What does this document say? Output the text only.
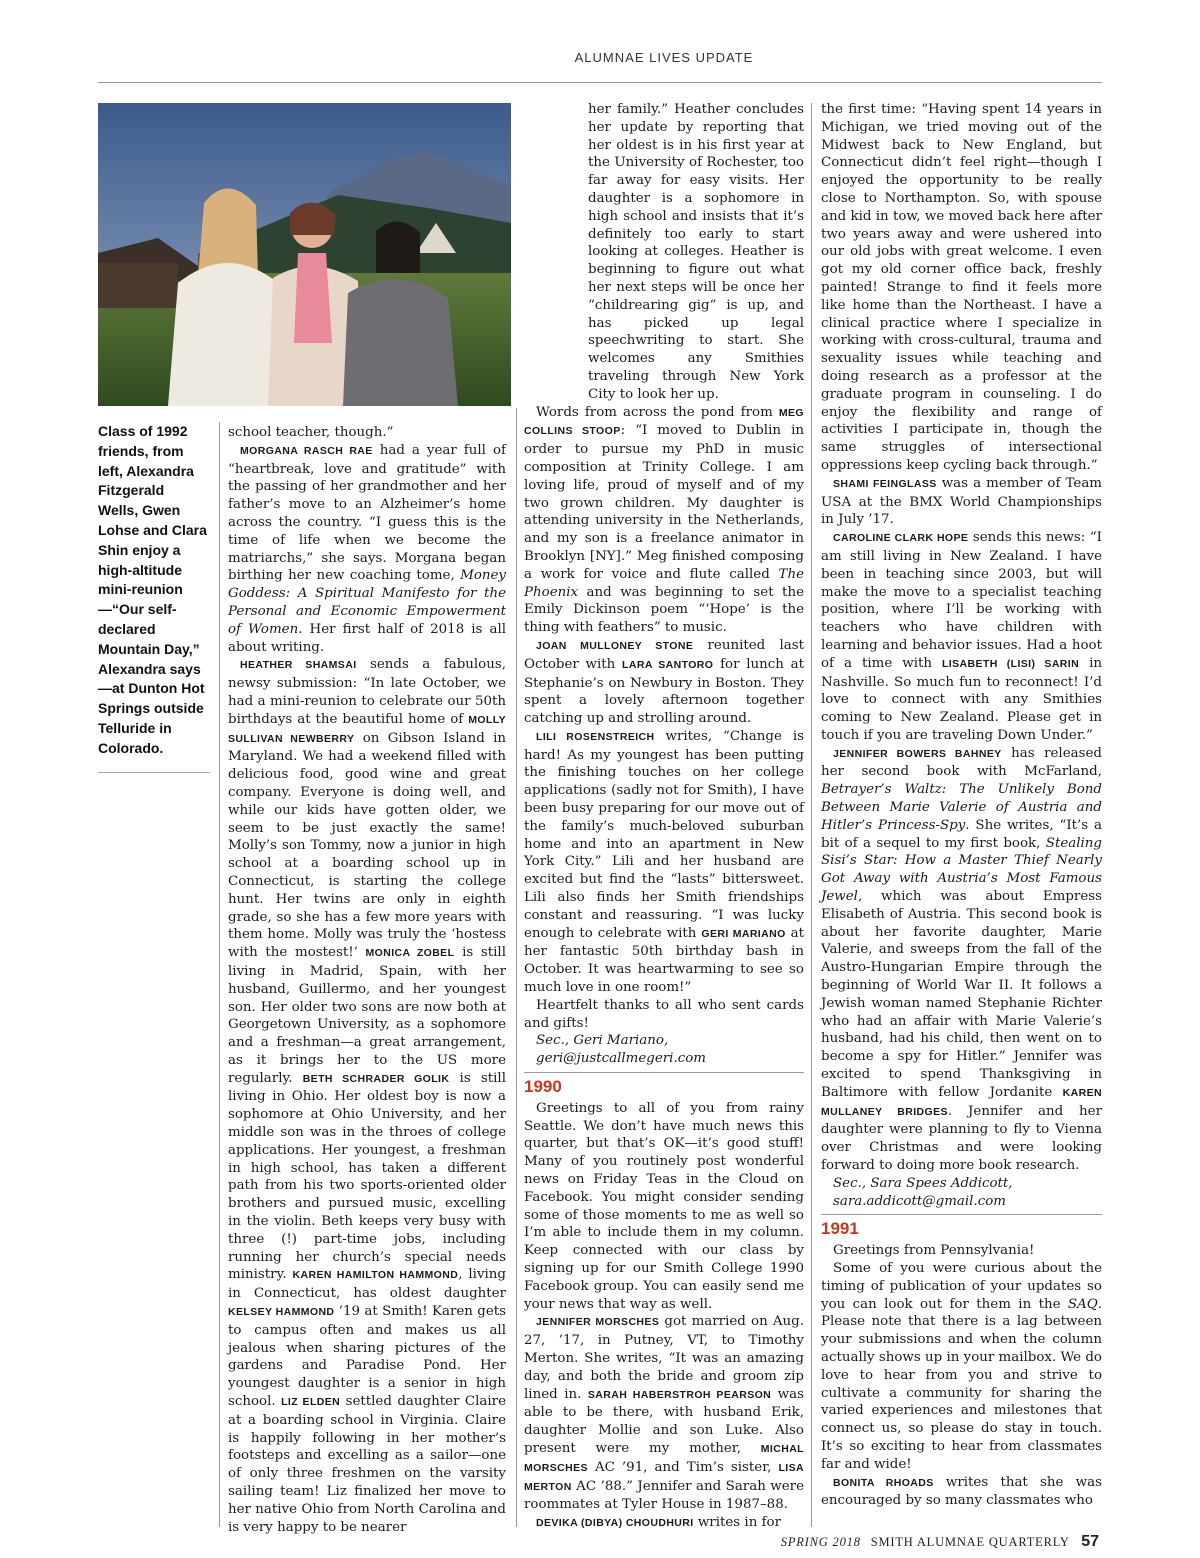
ALUMNAE LIVES UPDATE
Class of 1992 friends, from left, Alexandra Fitzgerald Wells, Gwen Lohse and Clara Shin enjoy a high-altitude mini-reunion—“Our self-declared Mountain Day,” Alexandra says—at Dunton Hot Springs outside Telluride in Colorado.

school teacher, though.”

MORGANA RASCH RAE had a year full of “heartbreak, love and gratitude” with the passing of her grandmother and her father’s move to an Alzheimer’s home across the country. “I guess this is the time of life when we become the matriarchs,” she says. Morgana began birthing her new coaching tome, Money Goddess: A Spiritual Manifesto for the Personal and Economic Empowerment of Women. Her first half of 2018 is all about writing.

HEATHER SHAMSAI sends a fabulous, newsy submission: “In late October, we had a mini-reunion to celebrate our 50th birthdays at the beautiful home of MOLLY SULLIVAN NEWBERRY on Gibson Island in Maryland. We had a weekend filled with delicious food, good wine and great company. Everyone is doing well, and while our kids have gotten older, we seem to be just exactly the same! Molly’s son Tommy, now a junior in high school at a boarding school up in Connecticut, is starting the college hunt. Her twins are only in eighth grade, so she has a few more years with them home. Molly was truly the ‘hostess with the mostest!’ MONICA ZOBEL is still living in Madrid, Spain, with her husband, Guillermo, and her youngest son. Her older two sons are now both at Georgetown University, as a sophomore and a freshman—a great arrangement, as it brings her to the US more regularly. BETH SCHRADER GOLIK is still living in Ohio. Her oldest boy is now a sophomore at Ohio University, and her middle son was in the throes of college applications. Her youngest, a freshman in high school, has taken a different path from his two sports-oriented older brothers and pursued music, excelling in the violin. Beth keeps very busy with three (!) part-time jobs, including running her church’s special needs ministry. KAREN HAMILTON HAMMOND, living in Connecticut, has oldest daughter KELSEY HAMMOND ’19 at Smith! Karen gets to campus often and makes us all jealous when sharing pictures of the gardens and Paradise Pond. Her youngest daughter is a senior in high school. LIZ ELDEN settled daughter Claire at a boarding school in Virginia. Claire is happily following in her mother’s footsteps and excelling as a sailor—one of only three freshmen on the varsity sailing team! Liz finalized her move to her native Ohio from North Carolina and is very happy to be nearer

her family.” Heather concludes her update by reporting that her oldest is in his first year at the University of Rochester, too far away for easy visits. Her daughter is a sophomore in high school and insists that it’s definitely too early to start looking at colleges. Heather is beginning to figure out what her next steps will be once her “childrearing gig” is up, and has picked up legal speechwriting to start. She welcomes any Smithies traveling through New York City to look her up.

Words from across the pond from MEG COLLINS STOOP: “I moved to Dublin in order to pursue my PhD in music composition at Trinity College. I am loving life, proud of myself and of my two grown children. My daughter is attending university in the Netherlands, and my son is a freelance animator in Brooklyn [NY].” Meg finished composing a work for voice and flute called The Phoenix and was beginning to set the Emily Dickinson poem “‘Hope’ is the thing with feathers” to music.

JOAN MULLONEY STONE reunited last October with LARA SANTORO for lunch at Stephanie’s on Newbury in Boston. They spent a lovely afternoon together catching up and strolling around.

LILI ROSENSTREICH writes, “Change is hard! As my youngest has been putting the finishing touches on her college applications (sadly not for Smith), I have been busy preparing for our move out of the family’s much-beloved suburban home and into an apartment in New York City.” Lili and her husband are excited but find the “lasts” bittersweet. Lili also finds her Smith friendships constant and reassuring. “I was lucky enough to celebrate with GERI MARIANO at her fantastic 50th birthday bash in October. It was heartwarming to see so much love in one room!”

Heartfelt thanks to all who sent cards and gifts!

Sec., Geri Mariano,

geri@justcallmegeri.com

1990

Greetings to all of you from rainy Seattle. We don’t have much news this quarter, but that’s OK—it’s good stuff! Many of you routinely post wonderful news on Friday Teas in the Cloud on Facebook. You might consider sending some of those moments to me as well so I’m able to include them in my column. Keep connected with our class by signing up for our Smith College 1990 Facebook group. You can easily send me your news that way as well.

JENNIFER MORSCHES got married on Aug. 27, ’17, in Putney, VT, to Timothy Merton. She writes, “It was an amazing day, and both the bride and groom zip lined in. SARAH HABERSTROH PEARSON was able to be there, with husband Erik, daughter Mollie and son Luke. Also present were my mother, MICHAL MORSCHES AC ’91, and Tim’s sister, LISA MERTON AC ’88.” Jennifer and Sarah were roommates at Tyler House in 1987–88.

DEVIKA (DIBYA) CHOUDHURI writes in for

the first time: “Having spent 14 years in Michigan, we tried moving out of the Midwest back to New England, but Connecticut didn’t feel right—though I enjoyed the opportunity to be really close to Northampton. So, with spouse and kid in tow, we moved back here after two years away and were ushered into our old jobs with great welcome. I even got my old corner office back, freshly painted! Strange to find it feels more like home than the Northeast. I have a clinical practice where I specialize in working with cross-cultural, trauma and sexuality issues while teaching and doing research as a professor at the graduate program in counseling. I do enjoy the flexibility and range of activities I participate in, though the same struggles of intersectional oppressions keep cycling back through.”

SHAMI FEINGLASS was a member of Team USA at the BMX World Championships in July ’17.

CAROLINE CLARK HOPE sends this news: “I am still living in New Zealand. I have been in teaching since 2003, but will make the move to a specialist teaching position, where I’ll be working with teachers who have children with learning and behavior issues. Had a hoot of a time with LISABETH (LISI) SARIN in Nashville. So much fun to reconnect! I’d love to connect with any Smithies coming to New Zealand. Please get in touch if you are traveling Down Under.”

JENNIFER BOWERS BAHNEY has released her second book with McFarland, Betrayer’s Waltz: The Unlikely Bond Between Marie Valerie of Austria and Hitler’s Princess-Spy. She writes, “It’s a bit of a sequel to my first book, Stealing Sisi’s Star: How a Master Thief Nearly Got Away with Austria’s Most Famous Jewel, which was about Empress Elisabeth of Austria. This second book is about her favorite daughter, Marie Valerie, and sweeps from the fall of the Austro-Hungarian Empire through the beginning of World War II. It follows a Jewish woman named Stephanie Richter who had an affair with Marie Valerie’s husband, had his child, then went on to become a spy for Hitler.” Jennifer was excited to spend Thanksgiving in Baltimore with fellow Jordanite KAREN MULLANEY BRIDGES. Jennifer and her daughter were planning to fly to Vienna over Christmas and were looking forward to doing more book research.

Sec., Sara Spees Addicott,

sara.addicott@gmail.com

1991

Greetings from Pennsylvania!

Some of you were curious about the timing of publication of your updates so you can look out for them in the SAQ. Please note that there is a lag between your submissions and when the column actually shows up in your mailbox. We do love to hear from you and strive to cultivate a community for sharing the varied experiences and milestones that connect us, so please do stay in touch. It’s so exciting to hear from classmates far and wide!

BONITA RHOADS writes that she was encouraged by so many classmates who

SPRING 2018 SMITH ALUMNAE QUARTERLY 57
